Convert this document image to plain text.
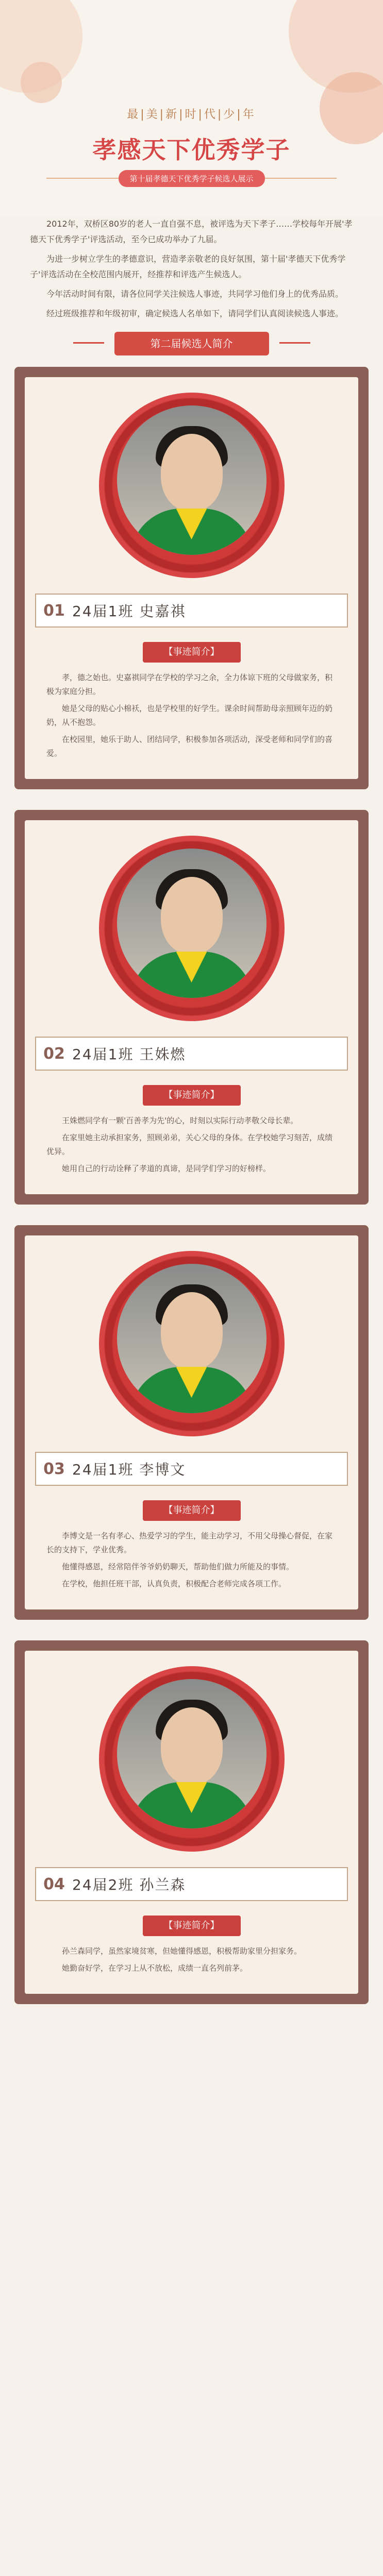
最|美|新|时|代|少|年
孝感天下优秀学子
第十届孝德天下优秀学子候选人展示

2012年，双桥区80岁的老人一直自强不息，被评选为天下孝子……学校每年开展'孝德天下优秀学子'评选活动，至今已成功举办了九届。

为进一步树立学生的孝德意识，营造孝亲敬老的良好氛围，第十届'孝德天下优秀学子'评选活动在全校范围内展开，经推荐和评选产生候选人。

今年活动时间有限，请各位同学关注候选人事迹，共同学习他们身上的优秀品质。

经过班级推荐和年级初审，确定候选人名单如下，请同学们认真阅读候选人事迹。

第二届候选人简介
01 24届1班 史嘉祺
【事迹简介】

孝，德之始也。史嘉祺同学在学校的学习之余，全力体谅下班的父母做家务，积极为家庭分担。

她是父母的贴心小棉袄，也是学校里的好学生。课余时间帮助母亲照顾年迈的奶奶，从不抱怨。

在校园里，她乐于助人、团结同学，积极参加各项活动，深受老师和同学们的喜爱。

02 24届1班 王姝燃
【事迹简介】

王姝燃同学有一颗'百善孝为先'的心，时刻以实际行动孝敬父母长辈。

在家里她主动承担家务，照顾弟弟，关心父母的身体。在学校她学习刻苦，成绩优异。

她用自己的行动诠释了孝道的真谛，是同学们学习的好榜样。

03 24届1班 李博文
【事迹简介】

李博文是一名有孝心、热爱学习的学生，能主动学习，不用父母操心督促，在家长的支持下，学业优秀。

他懂得感恩，经常陪伴爷爷奶奶聊天，帮助他们做力所能及的事情。

在学校，他担任班干部，认真负责，积极配合老师完成各项工作。

04 24届2班 孙兰森
【事迹简介】

孙兰森同学，虽然家境贫寒，但她懂得感恩，积极帮助家里分担家务。

她勤奋好学，在学习上从不放松，成绩一直名列前茅。
